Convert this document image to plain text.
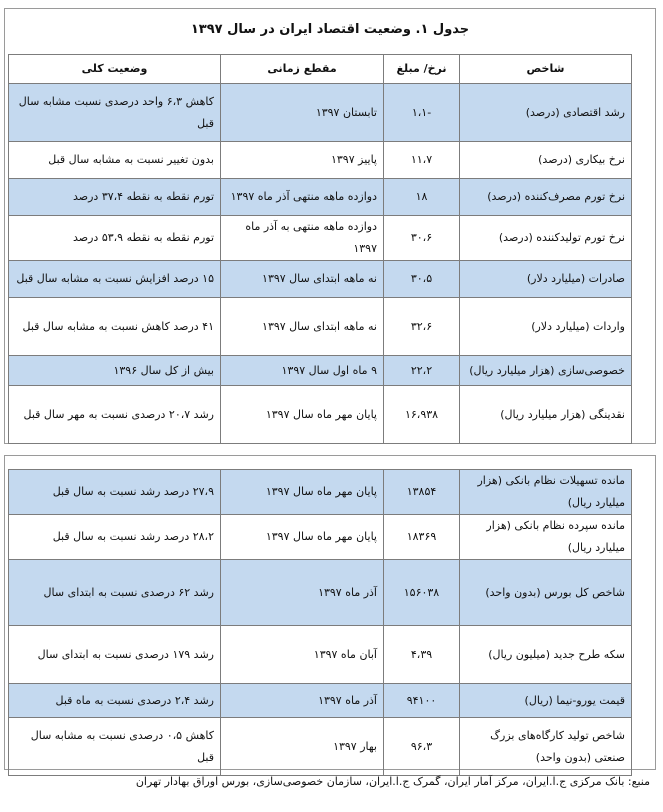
جدول ۱. وضعیت اقتصاد ایران در سال ۱۳۹۷
شاخص	نرخ/ مبلغ	مقطع زمانی	وضعیت کلی
رشد اقتصادی (درصد)	-۱،۱	تابستان ۱۳۹۷	کاهش ۶،۳ واحد درصدی نسبت مشابه سال قبل
نرخ بیکاری (درصد)	۱۱،۷	پاییز ۱۳۹۷	بدون تغییر نسبت به مشابه سال قبل
نرخ تورم مصرف‌کننده (درصد)	۱۸	دوازده ماهه منتهی آذر ماه ۱۳۹۷	تورم نقطه به نقطه ۳۷،۴ درصد
نرخ تورم تولیدکننده (درصد)	۳۰،۶	دوازده ماهه منتهی به آذر ماه ۱۳۹۷	تورم نقطه به نقطه ۵۳،۹ درصد
صادرات (میلیارد دلار)	۳۰،۵	نه ماهه ابتدای سال ۱۳۹۷	۱۵ درصد افزایش نسبت به مشابه سال قبل
واردات (میلیارد دلار)	۳۲،۶	نه ماهه ابتدای سال ۱۳۹۷	۴۱ درصد کاهش نسبت به مشابه سال قبل
خصوصی‌سازی (هزار میلیارد ریال)	۲۲،۲	۹ ماه اول سال ۱۳۹۷	بیش از کل سال ۱۳۹۶
نقدینگی (هزار میلیارد ریال)	۱۶،۹۳۸	پایان مهر ماه سال ۱۳۹۷	رشد ۲۰،۷ درصدی نسبت به مهر سال قبل
مانده تسهیلات نظام بانکی (هزار میلیارد ریال)	۱۳۸۵۴	پایان مهر ماه سال ۱۳۹۷	۲۷،۹ درصد رشد نسبت به سال قبل
مانده سپرده نظام بانکی (هزار میلیارد ریال)	۱۸۳۶۹	پایان مهر ماه سال ۱۳۹۷	۲۸،۲ درصد رشد نسبت به سال قبل
شاخص کل بورس (بدون واحد)	۱۵۶۰۳۸	آذر ماه ۱۳۹۷	رشد ۶۲ درصدی نسبت به ابتدای سال
سکه طرح جدید (میلیون ریال)	۴،۳۹	آبان ماه ۱۳۹۷	رشد ۱۷۹ درصدی نسبت به ابتدای سال
قیمت یورو-نیما (ریال)	۹۴۱۰۰	آذر ماه ۱۳۹۷	رشد ۲،۴ درصدی نسبت به ماه قبل
شاخص تولید کارگاه‌های بزرگ صنعتی (بدون واحد)	۹۶،۳	بهار ۱۳۹۷	کاهش ۰،۵ درصدی نسبت به مشابه سال قبل
منبع: بانک مرکزی ج.ا.ایران، مرکز آمار ایران، گمرک ج.ا.ایران، سازمان خصوصی‌سازی، بورس اوراق بهادار تهران
